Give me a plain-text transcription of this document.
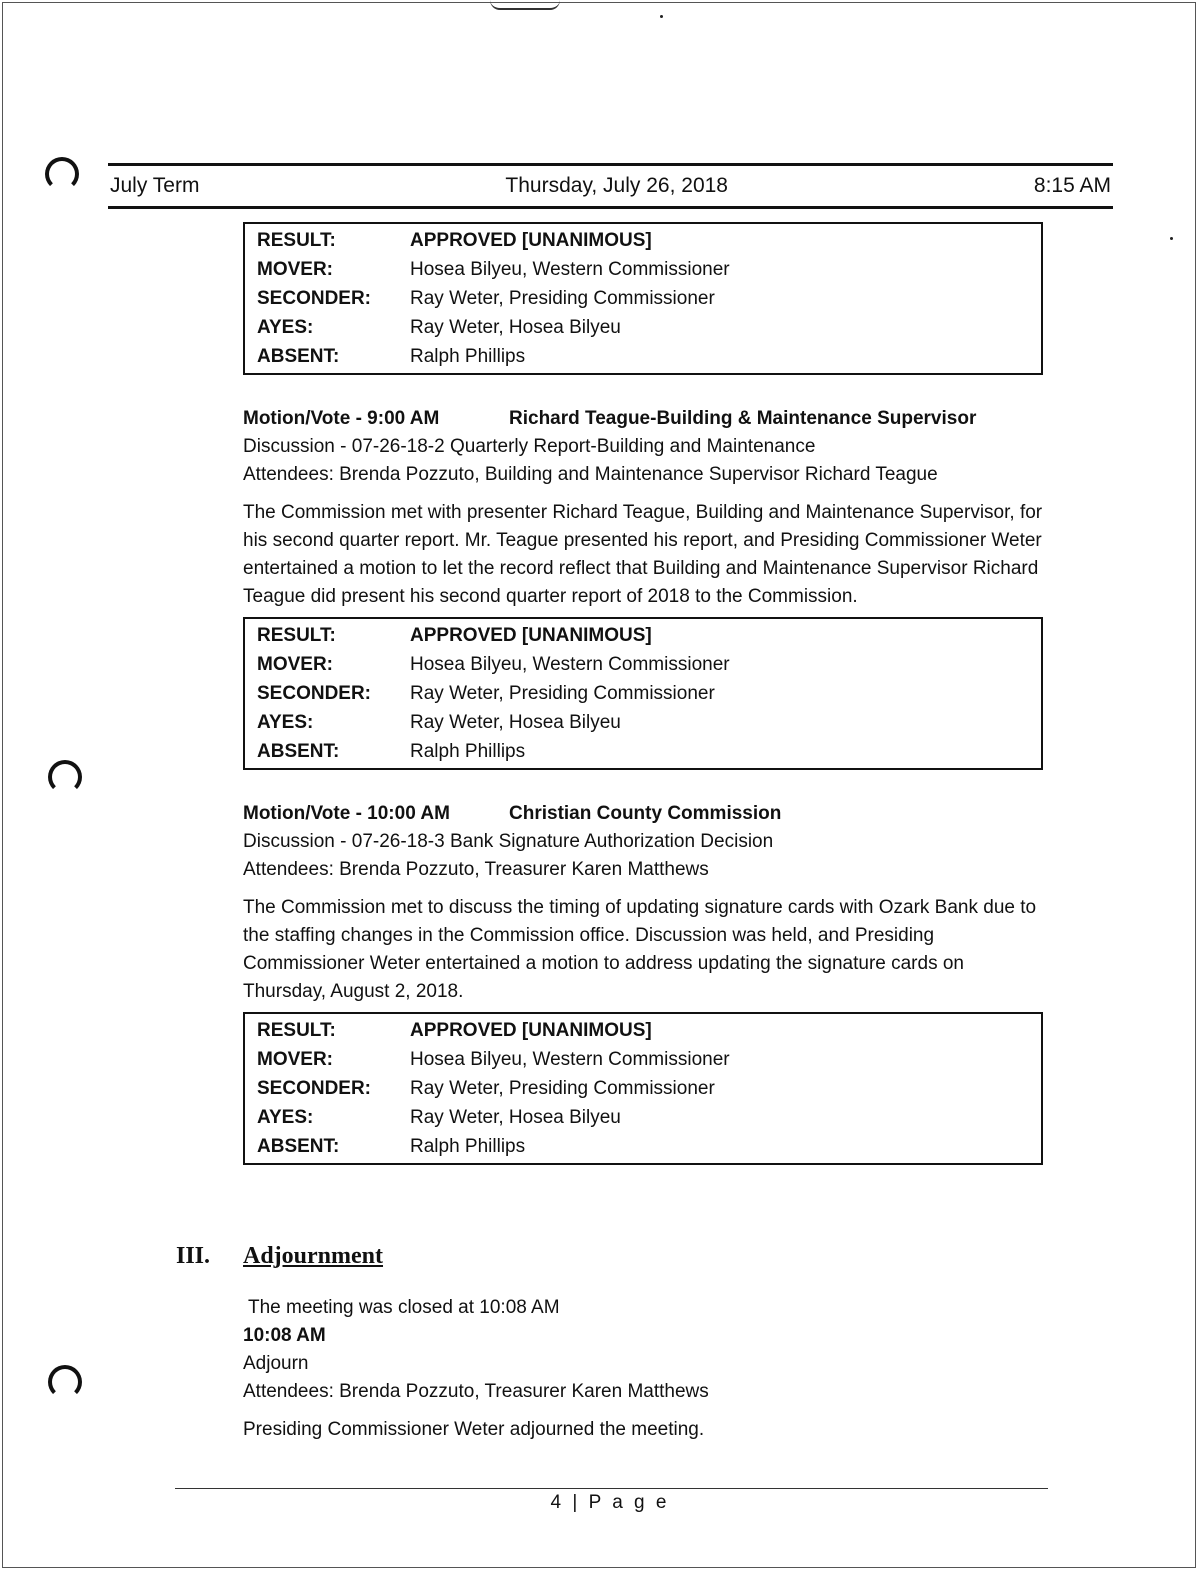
July Term	Thursday, July 26, 2018	8:15 AM
RESULT:	APPROVED [UNANIMOUS]
MOVER:	Hosea Bilyeu, Western Commissioner
SECONDER:	Ray Weter, Presiding Commissioner
AYES:	Ray Weter, Hosea Bilyeu
ABSENT:	Ralph Phillips
Motion/Vote - 9:00 AM	Richard Teague-Building & Maintenance Supervisor
Discussion - 07-26-18-2 Quarterly Report-Building and Maintenance
Attendees: Brenda Pozzuto, Building and Maintenance Supervisor Richard Teague
The Commission met with presenter Richard Teague, Building and Maintenance Supervisor, for his second quarter report. Mr. Teague presented his report, and Presiding Commissioner Weter entertained a motion to let the record reflect that Building and Maintenance Supervisor Richard Teague did present his second quarter report of 2018 to the Commission.
RESULT:	APPROVED [UNANIMOUS]
MOVER:	Hosea Bilyeu, Western Commissioner
SECONDER:	Ray Weter, Presiding Commissioner
AYES:	Ray Weter, Hosea Bilyeu
ABSENT:	Ralph Phillips
Motion/Vote - 10:00 AM	Christian County Commission
Discussion - 07-26-18-3 Bank Signature Authorization Decision
Attendees: Brenda Pozzuto, Treasurer Karen Matthews
The Commission met to discuss the timing of updating signature cards with Ozark Bank due to the staffing changes in the Commission office. Discussion was held, and Presiding Commissioner Weter entertained a motion to address updating the signature cards on Thursday, August 2, 2018.
RESULT:	APPROVED [UNANIMOUS]
MOVER:	Hosea Bilyeu, Western Commissioner
SECONDER:	Ray Weter, Presiding Commissioner
AYES:	Ray Weter, Hosea Bilyeu
ABSENT:	Ralph Phillips
III.	Adjournment
The meeting was closed at 10:08 AM
10:08 AM
Adjourn
Attendees: Brenda Pozzuto, Treasurer Karen Matthews
Presiding Commissioner Weter adjourned the meeting.
4 | P a g e
